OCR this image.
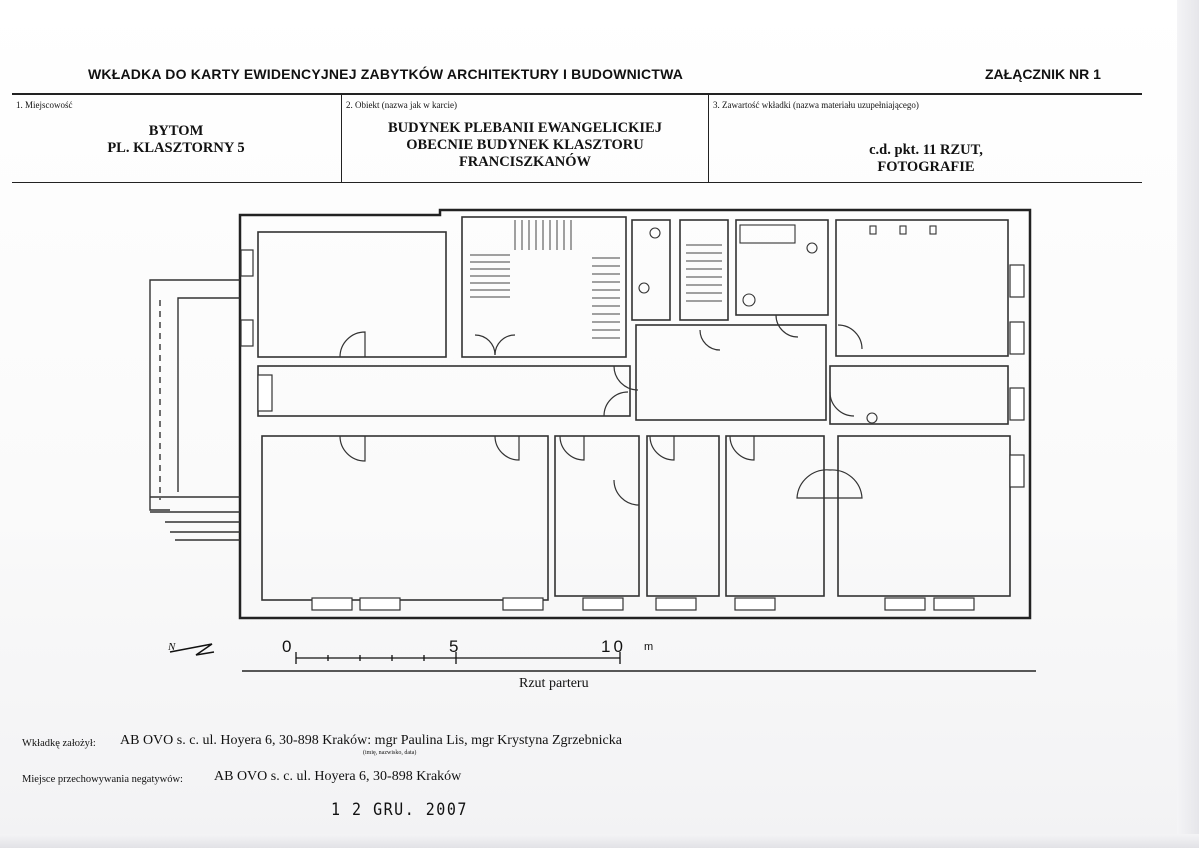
WKŁADKA DO KARTY EWIDENCYJNEJ ZABYTKÓW ARCHITEKTURY I BUDOWNICTWA	ZAŁĄCZNIK NR 1
1. Miejscowość
BYTOM
PL. KLASZTORNY 5
2. Obiekt (nazwa jak w karcie)
BUDYNEK PLEBANII EWANGELICKIEJ
OBECNIE BUDYNEK KLASZTORU
FRANCISZKANÓW
3. Zawartość wkładki (nazwa materiału uzupełniającego)
c.d. pkt. 11 RZUT,
FOTOGRAFIE
N	0	5	10 m
Rzut parteru
Wkładkę założył: AB OVO s. c. ul. Hoyera 6, 30-898 Kraków: mgr Paulina Lis, mgr Krystyna Zgrzebnicka
(imię, nazwisko, data)
Miejsce przechowywania negatywów: AB OVO s. c. ul. Hoyera 6, 30-898 Kraków
1 2 GRU. 2007
